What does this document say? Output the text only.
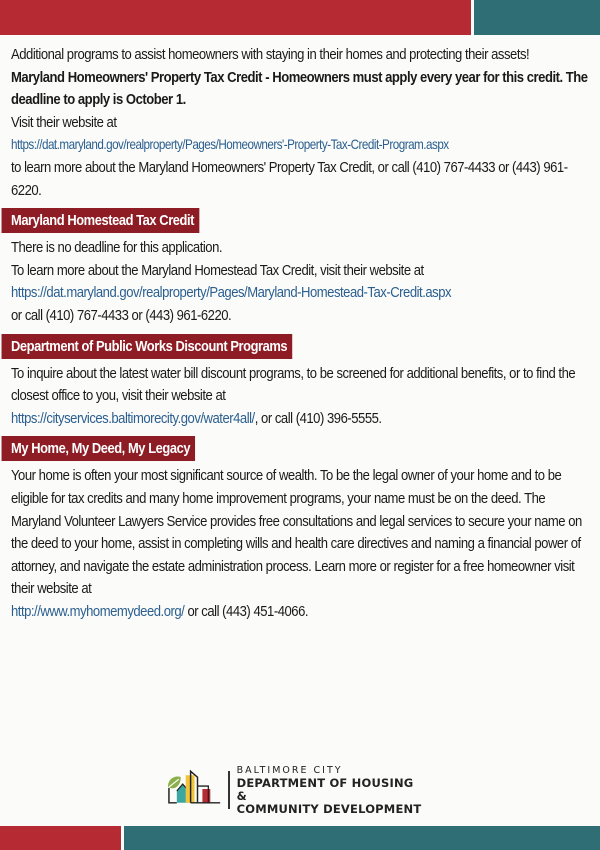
Additional programs to assist homeowners with staying in their homes and protecting their assets!

Maryland Homeowners' Property Tax Credit - Homeowners must apply every year for this credit. The deadline to apply is October 1.

Visit their website at

https://dat.maryland.gov/realproperty/Pages/Homeowners'-Property-Tax-Credit-Program.aspx

to learn more about the Maryland Homeowners' Property Tax Credit, or call (410) 767-4433 or (443) 961-6220.

Maryland Homestead Tax Credit

There is no deadline for this application.

To learn more about the Maryland Homestead Tax Credit, visit their website at

https://dat.maryland.gov/realproperty/Pages/Maryland-Homestead-Tax-Credit.aspx

or call (410) 767-4433 or (443) 961-6220.

Department of Public Works Discount Programs

To inquire about the latest water bill discount programs, to be screened for additional benefits, or to find the closest office to you, visit their website at
https://cityservices.baltimorecity.gov/water4all/, or call (410) 396-5555.

My Home, My Deed, My Legacy

Your home is often your most significant source of wealth. To be the legal owner of your home and to be eligible for tax credits and many home improvement programs, your name must be on the deed. The Maryland Volunteer Lawyers Service provides free consultations and legal services to secure your name on the deed to your home, assist in completing wills and health care directives and naming a financial power of attorney, and navigate the estate administration process. Learn more or register for a free homeowner visit their website at
http://www.myhomemydeed.org/ or call (443) 451-4066.

BALTIMORE CITY
DEPARTMENT OF HOUSING &
COMMUNITY DEVELOPMENT
